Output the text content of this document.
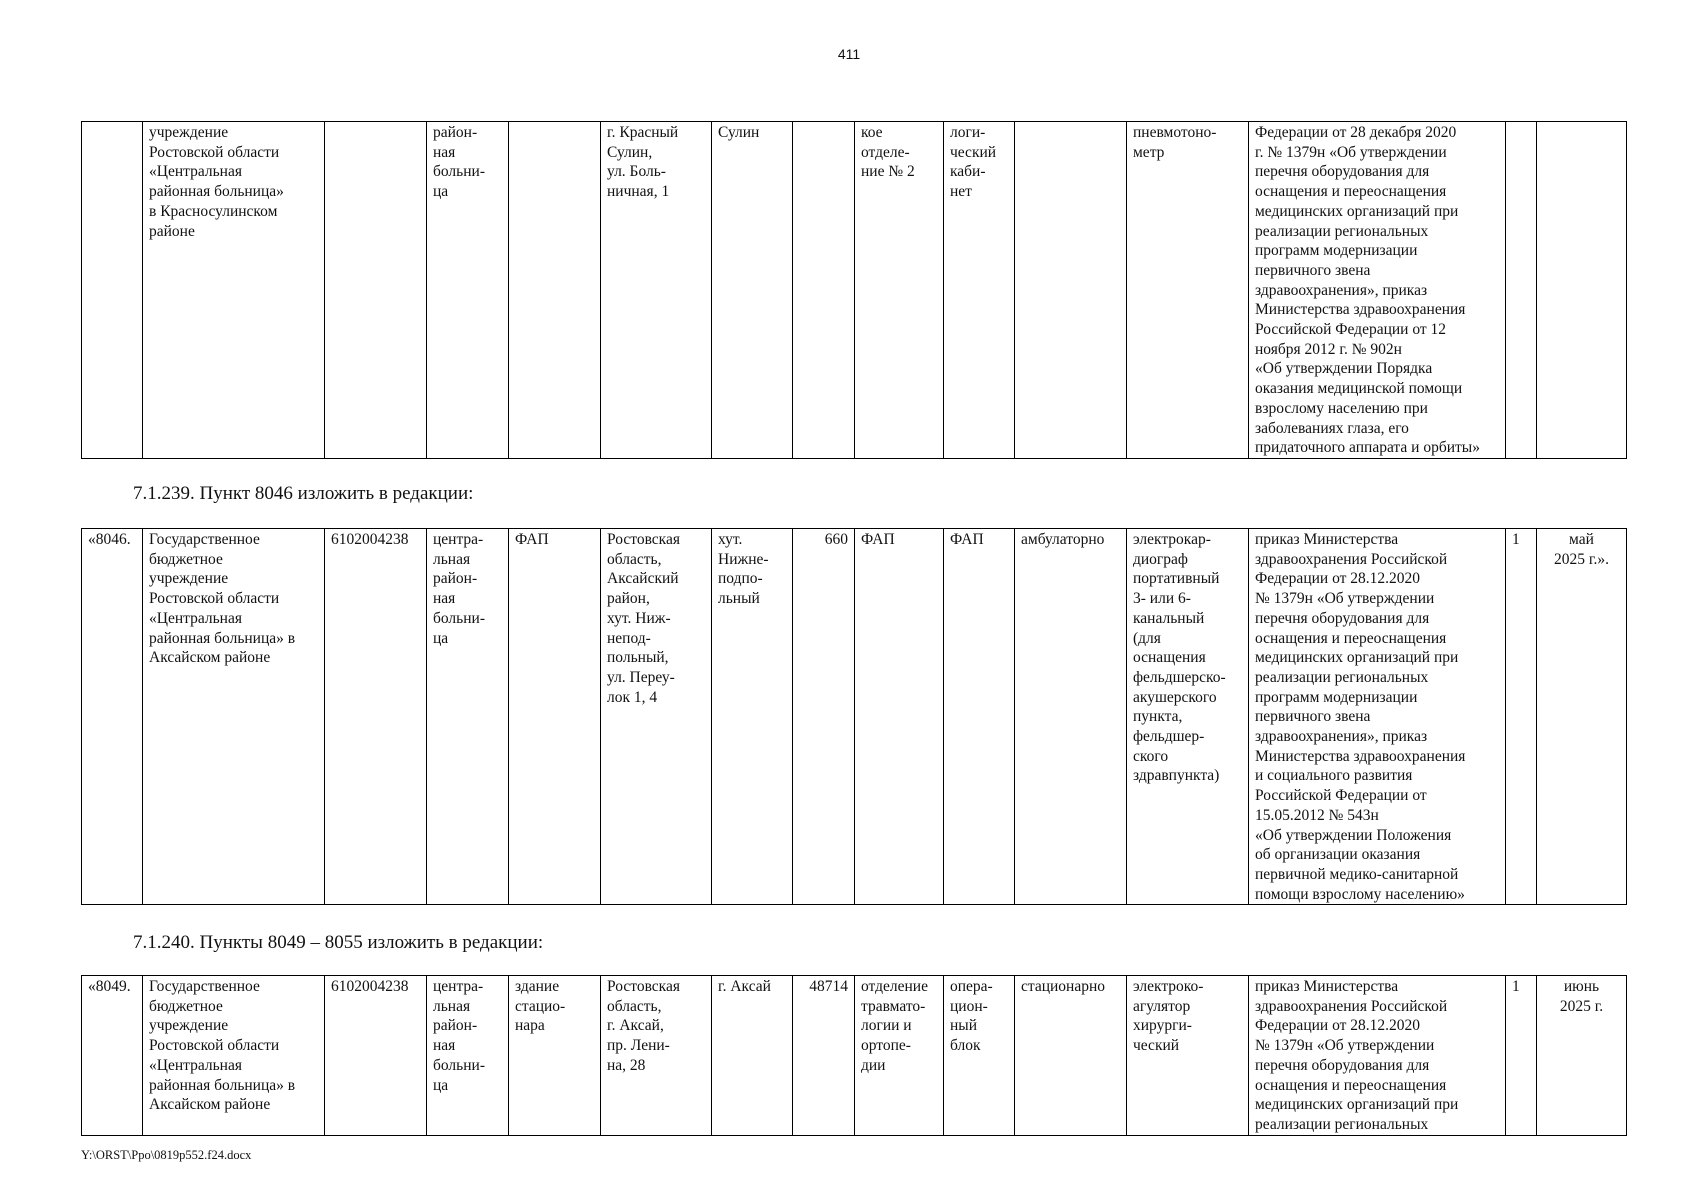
411
	учреждение
Ростовской области
«Центральная
районная больница»
в Красносулинском
районе		район-
ная
больни-
ца		г. Красный
Сулин,
ул. Боль-
ничная, 1	Сулин		кое
отделе-
ние № 2	логи-
ческий
каби-
нет		пневмотоно-
метр	Федерации от 28 декабря 2020
г. № 1379н «Об утверждении
перечня оборудования для
оснащения и переоснащения
медицинских организаций при
реализации региональных
программ модернизации
первичного звена
здравоохранения», приказ
Министерства здравоохранения
Российской Федерации от 12
ноября 2012 г. № 902н
«Об утверждении Порядка
оказания медицинской помощи
взрослому населению при
заболеваниях глаза, его
придаточного аппарата и орбиты»		

7.1.239. Пункт 8046 изложить в редакции:

«8046.	Государственное
бюджетное
учреждение
Ростовской области
«Центральная
районная больница» в
Аксайском районе	6102004238	центра-
льная
район-
ная
больни-
ца	ФАП	Ростовская
область,
Аксайский
район,
хут. Ниж-
непод-
польный,
ул. Переу-
лок 1, 4	хут.
Нижне-
подпо-
льный	660	ФАП	ФАП	амбулаторно	электрокар-
диограф
портативный
3- или 6-
канальный
(для
оснащения
фельдшерско-
акушерского
пункта,
фельдшер-
ского
здравпункта)	приказ Министерства
здравоохранения Российской
Федерации от 28.12.2020
№ 1379н «Об утверждении
перечня оборудования для
оснащения и переоснащения
медицинских организаций при
реализации региональных
программ модернизации
первичного звена
здравоохранения», приказ
Министерства здравоохранения
и социального развития
Российской Федерации от
15.05.2012 № 543н
«Об утверждении Положения
об организации оказания
первичной медико-санитарной
помощи взрослому населению»	1	май
2025 г.».

7.1.240. Пункты 8049 – 8055 изложить в редакции:

«8049.	Государственное
бюджетное
учреждение
Ростовской области
«Центральная
районная больница» в
Аксайском районе	6102004238	центра-
льная
район-
ная
больни-
ца	здание
стацио-
нара	Ростовская
область,
г. Аксай,
пр. Лени-
на, 28	г. Аксай	48714	отделение
травмато-
логии и
ортопе-
дии	опера-
цион-
ный
блок	стационарно	электроко-
агулятор
хирурги-
ческий	приказ Министерства
здравоохранения Российской
Федерации от 28.12.2020
№ 1379н «Об утверждении
перечня оборудования для
оснащения и переоснащения
медицинских организаций при
реализации региональных	1	июнь
2025 г.
Y:\ORST\Ppo\0819p552.f24.docx
